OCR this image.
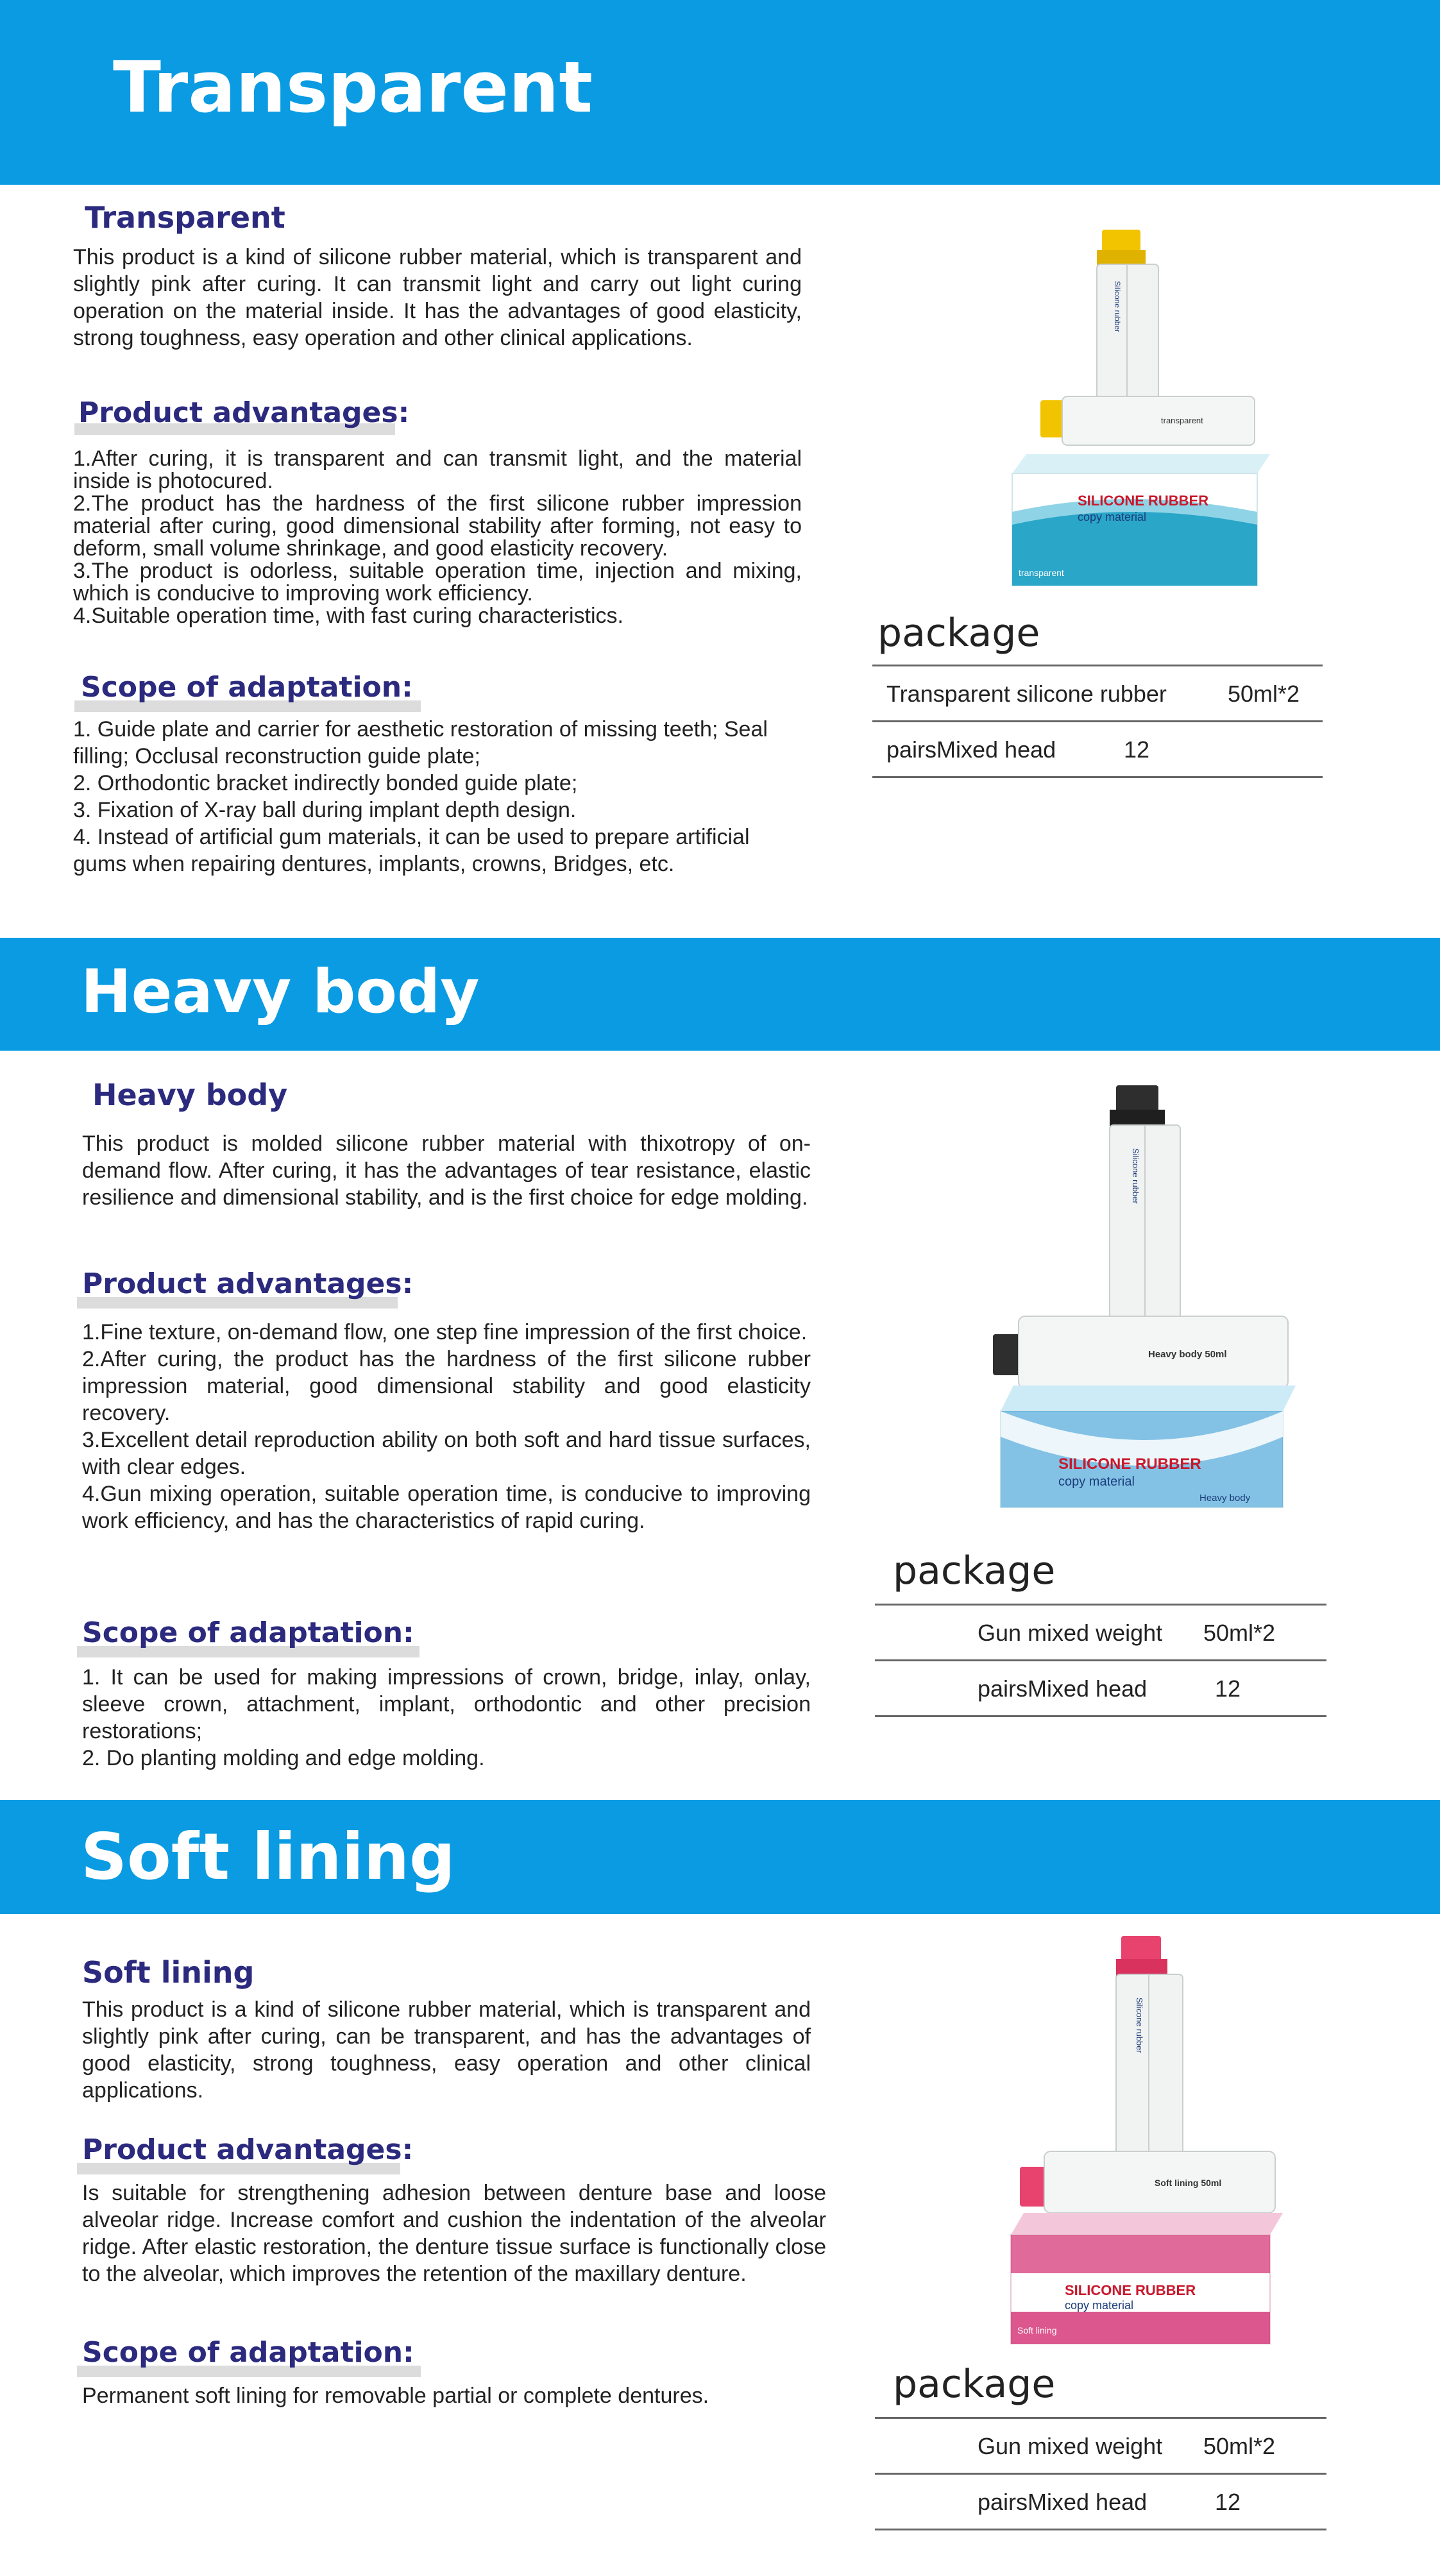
Transparent
Transparent
This product is a kind of silicone rubber material, which is transparent and slightly pink after curing. It can transmit light and carry out light curing operation on the material inside. It has the advantages of good elasticity, strong toughness, easy operation and other clinical applications.
Product advantages:
1.After curing, it is transparent and can transmit light, and the material inside is photocured.
2.The product has the hardness of the first silicone rubber impression material after curing, good dimensional stability after forming, not easy to deform, small volume shrinkage, and good elasticity recovery.
3.The product is odorless, suitable operation time, injection and mixing, which is conducive to improving work efficiency.
4.Suitable operation time, with fast curing characteristics.
Scope of adaptation:
1. Guide plate and carrier for aesthetic restoration of missing teeth; Seal filling; Occlusal reconstruction guide plate;
2. Orthodontic bracket indirectly bonded guide plate;
3. Fixation of X-ray ball during implant depth design.
4. Instead of artificial gum materials, it can be used to prepare artificial gums when repairing dentures, implants, crowns, Bridges, etc.
Silicone rubber
transparent
SILICONE RUBBER
copy material
transparent
package
Transparent silicone rubber	50ml*2
pairsMixed head	12
Heavy body
Heavy body
This product is molded silicone rubber material with thixotropy of on-demand flow. After curing, it has the advantages of tear resistance, elastic resilience and dimensional stability, and is the first choice for edge molding.
Product advantages:
1.Fine texture, on-demand flow, one step fine impression of the first choice.
2.After curing, the product has the hardness of the first silicone rubber impression material, good dimensional stability and good elasticity recovery.
3.Excellent detail reproduction ability on both soft and hard tissue surfaces, with clear edges.
4.Gun mixing operation, suitable operation time, is conducive to improving work efficiency, and has the characteristics of rapid curing.
Scope of adaptation:
1. It can be used for making impressions of crown, bridge, inlay, onlay, sleeve crown, attachment, implant, orthodontic and other precision restorations;
2. Do planting molding and edge molding.
Silicone rubber
Heavy body 50ml
SILICONE RUBBER
copy material
Heavy body
package
Gun mixed weight 50ml*2
pairsMixed head	12
Soft lining
Soft lining
This product is a kind of silicone rubber material, which is transparent and slightly pink after curing, can be transparent, and has the advantages of good elasticity, strong toughness, easy operation and other clinical applications.
Product advantages:
Is suitable for strengthening adhesion between denture base and loose alveolar ridge. Increase comfort and cushion the indentation of the alveolar ridge. After elastic restoration, the denture tissue surface is functionally close to the alveolar, which improves the retention of the maxillary denture.
Scope of adaptation:
Permanent soft lining for removable partial or complete dentures.
Silicone rubber
Soft lining 50ml
SILICONE RUBBER
copy material
Soft lining
package
Gun mixed weight 50ml*2
pairsMixed head	12
